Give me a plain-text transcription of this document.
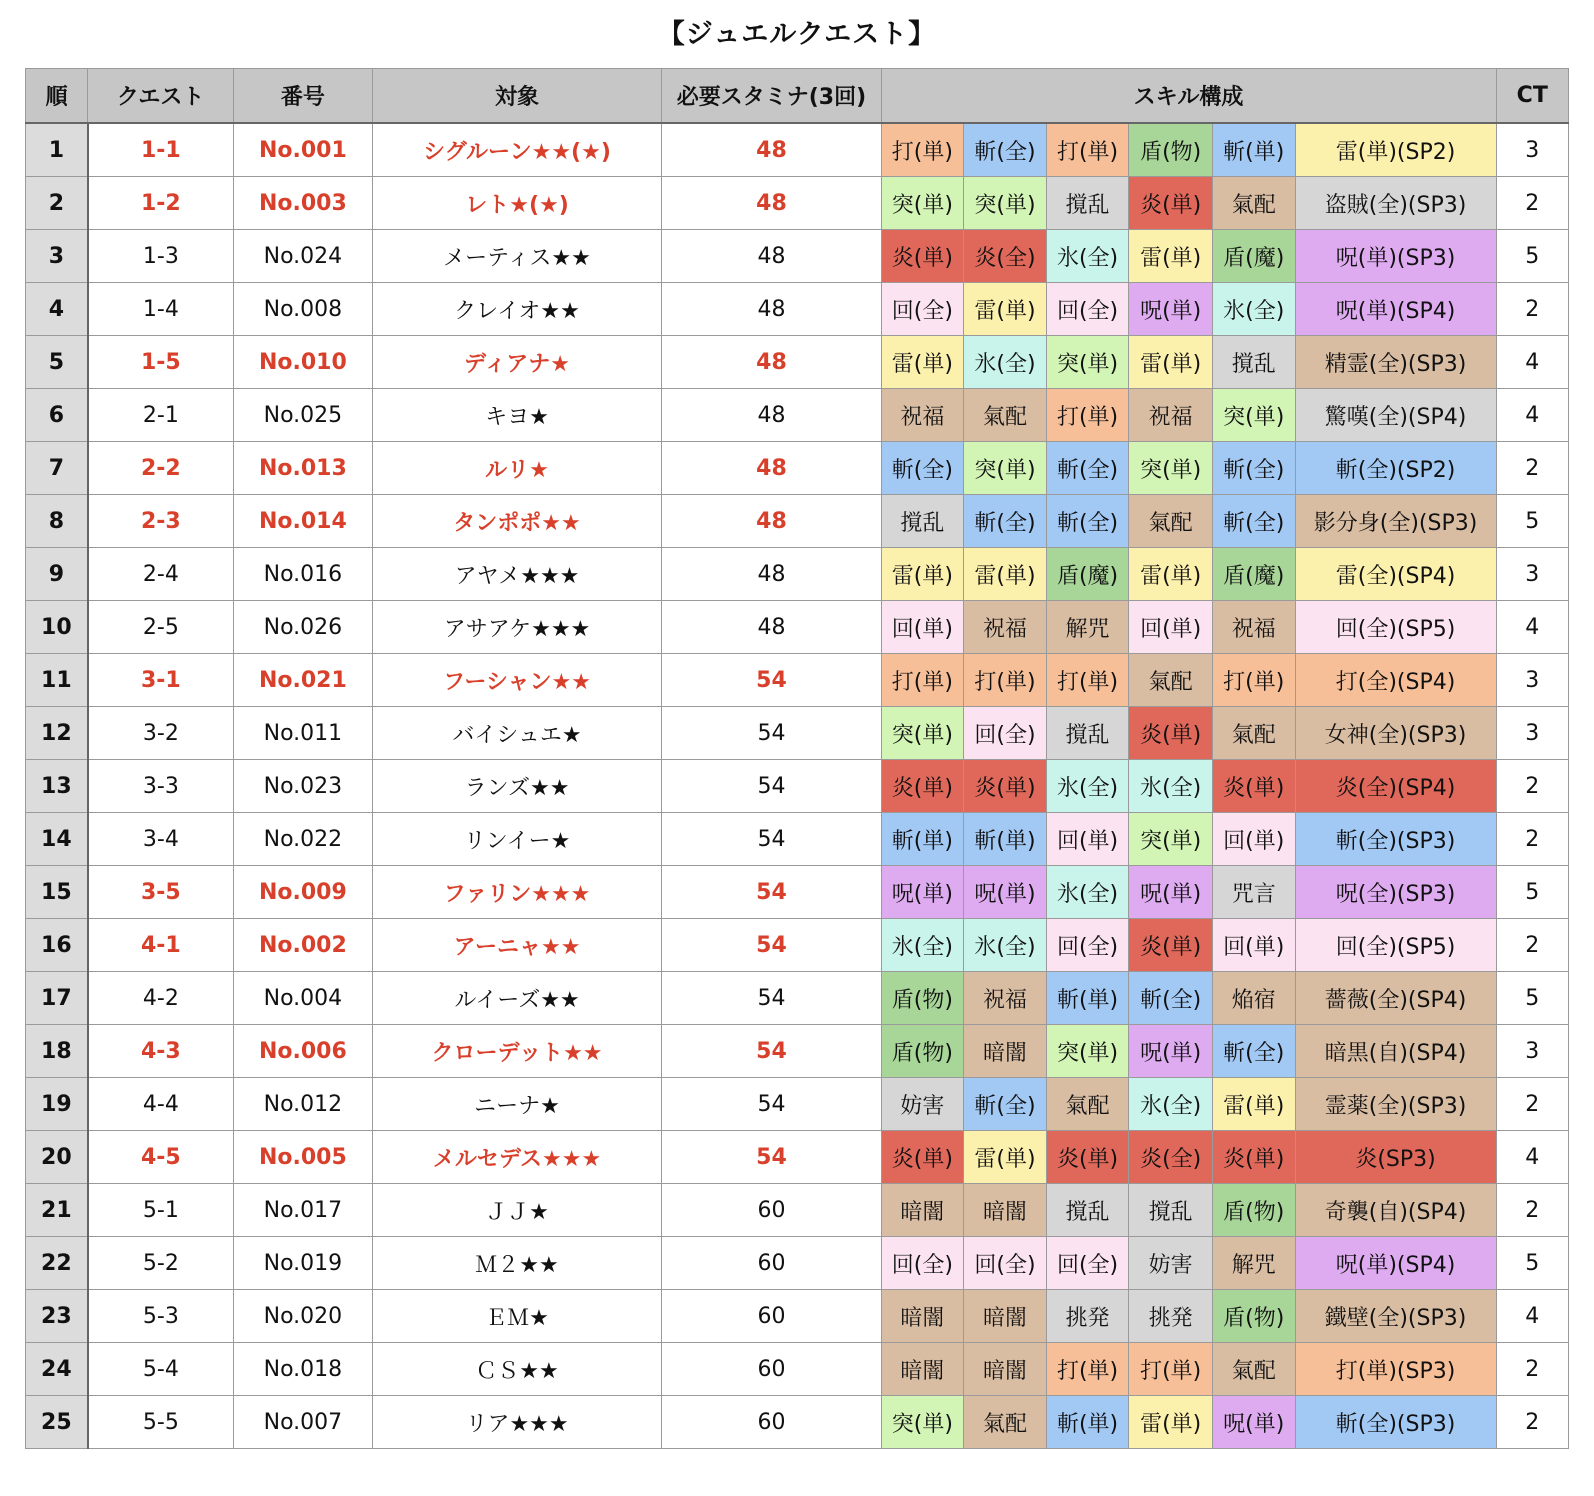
【ジュエルクエスト】
順	クエスト	番号	対象	必要スタミナ(3回)	スキル構成						CT
1	1-1	No.001	シグルーン★★(★)	48	打(単)	斬(全)	打(単)	盾(物)	斬(単)	雷(単)(SP2)	3
2	1-2	No.003	レト★(★)	48	突(単)	突(単)	撹乱	炎(単)	氣配	盗賊(全)(SP3)	2
3	1-3	No.024	メーティス★★	48	炎(単)	炎(全)	氷(全)	雷(単)	盾(魔)	呪(単)(SP3)	5
4	1-4	No.008	クレイオ★★	48	回(全)	雷(単)	回(全)	呪(単)	氷(全)	呪(単)(SP4)	2
5	1-5	No.010	ディアナ★	48	雷(単)	氷(全)	突(単)	雷(単)	撹乱	精霊(全)(SP3)	4
6	2-1	No.025	キヨ★	48	祝福	氣配	打(単)	祝福	突(単)	驚嘆(全)(SP4)	4
7	2-2	No.013	ルリ★	48	斬(全)	突(単)	斬(全)	突(単)	斬(全)	斬(全)(SP2)	2
8	2-3	No.014	タンポポ★★	48	撹乱	斬(全)	斬(全)	氣配	斬(全)	影分身(全)(SP3)	5
9	2-4	No.016	アヤメ★★★	48	雷(単)	雷(単)	盾(魔)	雷(単)	盾(魔)	雷(全)(SP4)	3
10	2-5	No.026	アサアケ★★★	48	回(単)	祝福	解咒	回(単)	祝福	回(全)(SP5)	4
11	3-1	No.021	フーシャン★★	54	打(単)	打(単)	打(単)	氣配	打(単)	打(全)(SP4)	3
12	3-2	No.011	バイシュエ★	54	突(単)	回(全)	撹乱	炎(単)	氣配	女神(全)(SP3)	3
13	3-3	No.023	ランズ★★	54	炎(単)	炎(単)	氷(全)	氷(全)	炎(単)	炎(全)(SP4)	2
14	3-4	No.022	リンイー★	54	斬(単)	斬(単)	回(単)	突(単)	回(単)	斬(全)(SP3)	2
15	3-5	No.009	ファリン★★★	54	呪(単)	呪(単)	氷(全)	呪(単)	咒言	呪(全)(SP3)	5
16	4-1	No.002	アーニャ★★	54	氷(全)	氷(全)	回(全)	炎(単)	回(単)	回(全)(SP5)	2
17	4-2	No.004	ルイーズ★★	54	盾(物)	祝福	斬(単)	斬(全)	焔宿	薔薇(全)(SP4)	5
18	4-3	No.006	クローデット★★	54	盾(物)	暗闇	突(単)	呪(単)	斬(全)	暗黒(自)(SP4)	3
19	4-4	No.012	ニーナ★	54	妨害	斬(全)	氣配	氷(全)	雷(単)	霊薬(全)(SP3)	2
20	4-5	No.005	メルセデス★★★	54	炎(単)	雷(単)	炎(単)	炎(全)	炎(単)	炎(SP3)	4
21	5-1	No.017	ＪＪ★	60	暗闇	暗闇	撹乱	撹乱	盾(物)	奇襲(自)(SP4)	2
22	5-2	No.019	Ｍ２★★	60	回(全)	回(全)	回(全)	妨害	解咒	呪(単)(SP4)	5
23	5-3	No.020	ＥＭ★	60	暗闇	暗闇	挑発	挑発	盾(物)	鐵壁(全)(SP3)	4
24	5-4	No.018	ＣＳ★★	60	暗闇	暗闇	打(単)	打(単)	氣配	打(単)(SP3)	2
25	5-5	No.007	リア★★★	60	突(単)	氣配	斬(単)	雷(単)	呪(単)	斬(全)(SP3)	2
